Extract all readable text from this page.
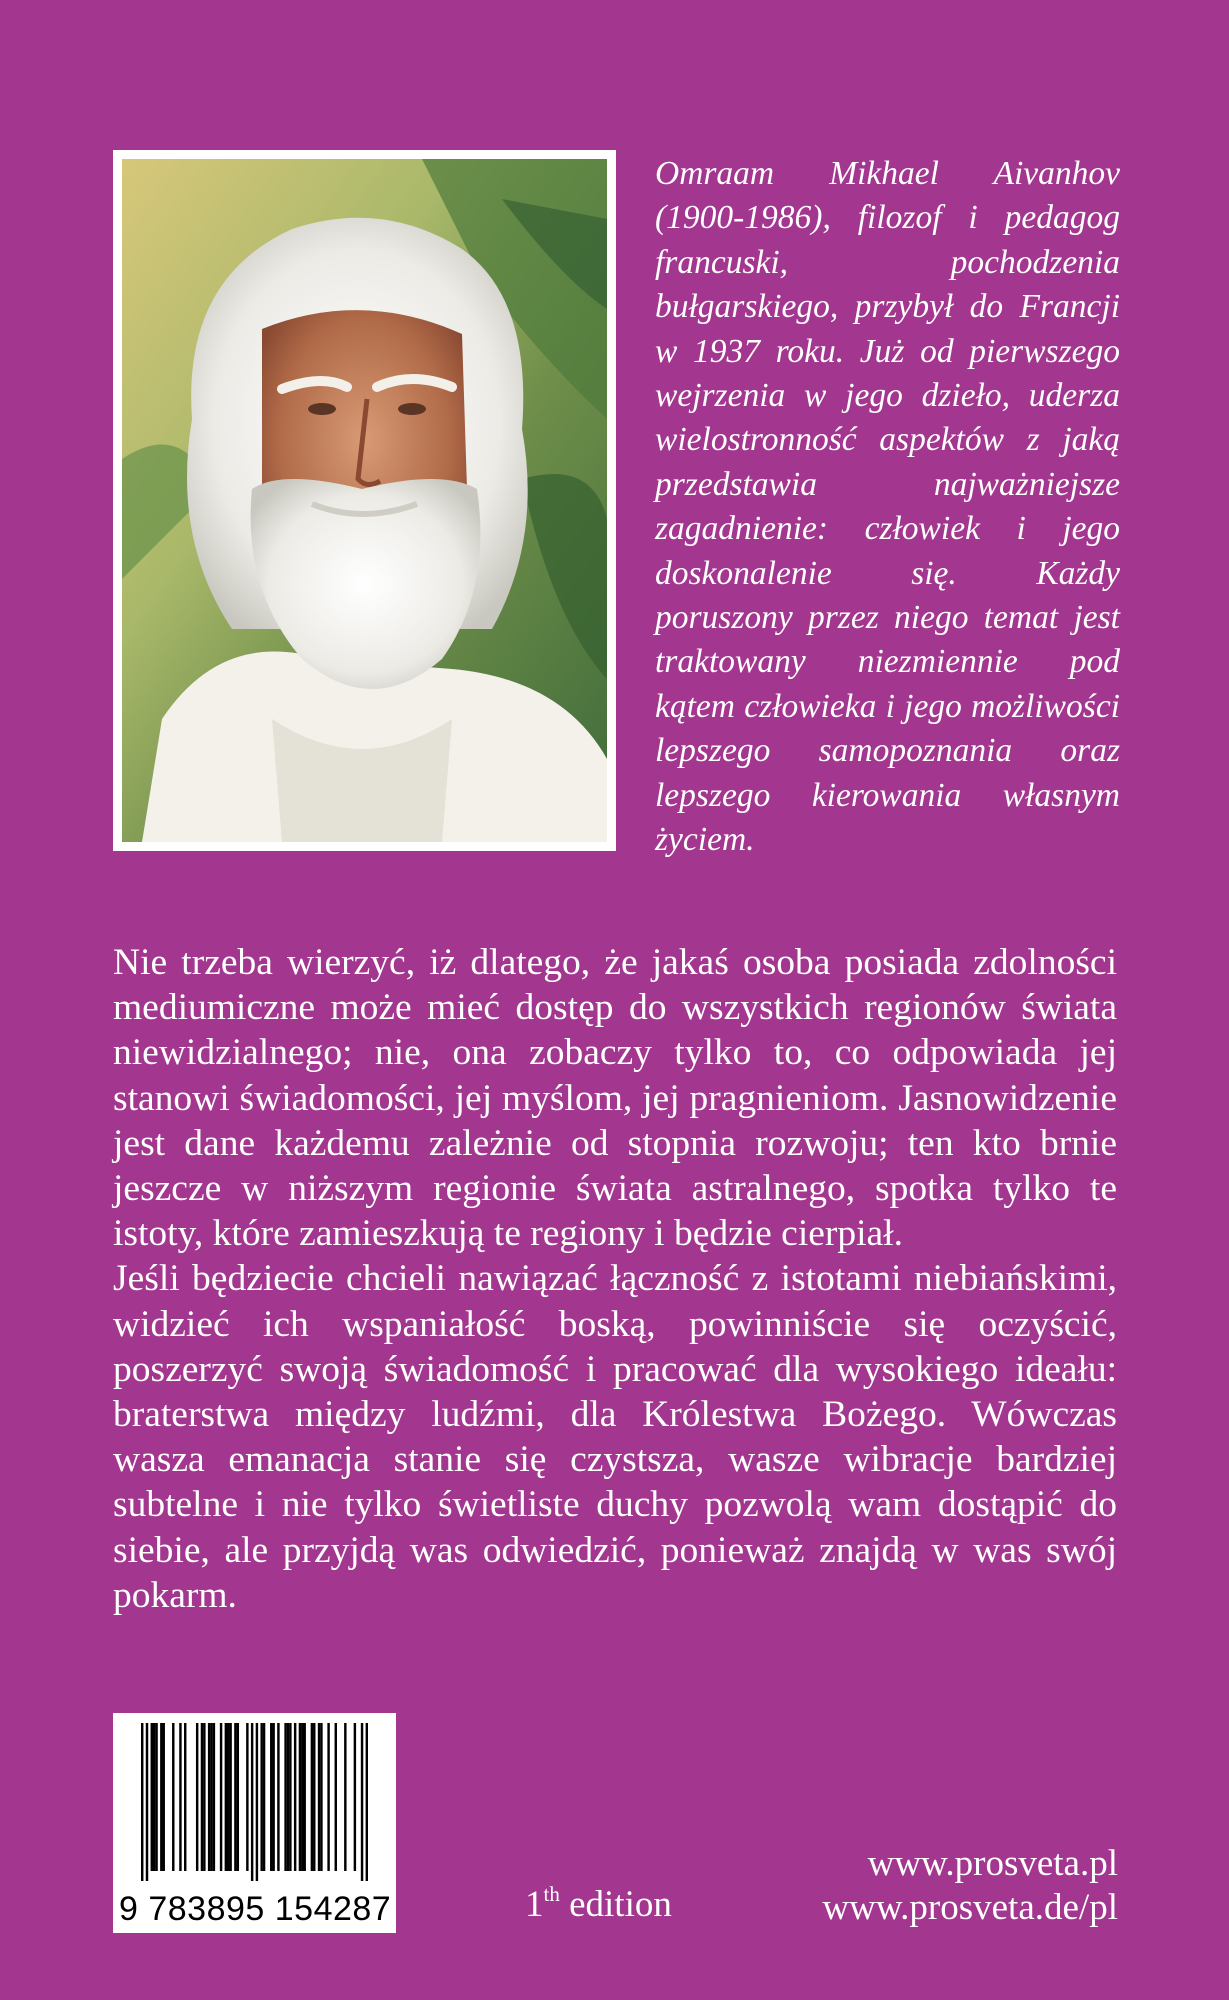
Omraam Mikhael Aivanhov (1900-1986), filozof i pedagog francuski, pochodzenia bułgarskiego, przybył do Francji w 1937 roku. Już od pierwszego wejrzenia w jego dzieło, uderza wielostronność aspektów z jaką przedstawia najważniejsze zagadnienie: człowiek i jego doskonalenie się. Każdy poruszony przez niego temat jest traktowany niezmiennie pod kątem człowieka i jego możliwości lepszego samopoznania oraz lepszego kierowania własnym życiem.

Nie trzeba wierzyć, iż dlatego, że jakaś osoba posiada zdolności mediumiczne może mieć dostęp do wszystkich regionów świata niewidzialnego; nie, ona zobaczy tylko to, co odpowiada jej stanowi świadomości, jej myślom, jej pragnieniom. Jasnowidzenie jest dane każdemu zależnie od stopnia rozwoju; ten kto brnie jeszcze w niższym regionie świata astralnego, spotka tylko te istoty, które zamieszkują te regiony i będzie cierpiał.

Jeśli będziecie chcieli nawiązać łączność z istotami niebiańskimi, widzieć ich wspaniałość boską, powinniście się oczyścić, poszerzyć swoją świadomość i pracować dla wysokiego ideału: braterstwa między ludźmi, dla Królestwa Bożego. Wówczas wasza emanacja stanie się czystsza, wasze wibracje bardziej subtelne i nie tylko świetliste duchy pozwolą wam dostąpić do siebie, ale przyjdą was odwiedzić, ponieważ znajdą w was swój pokarm.

9 783895 154287	1th edition
www.prosveta.pl
www.prosveta.de/pl
